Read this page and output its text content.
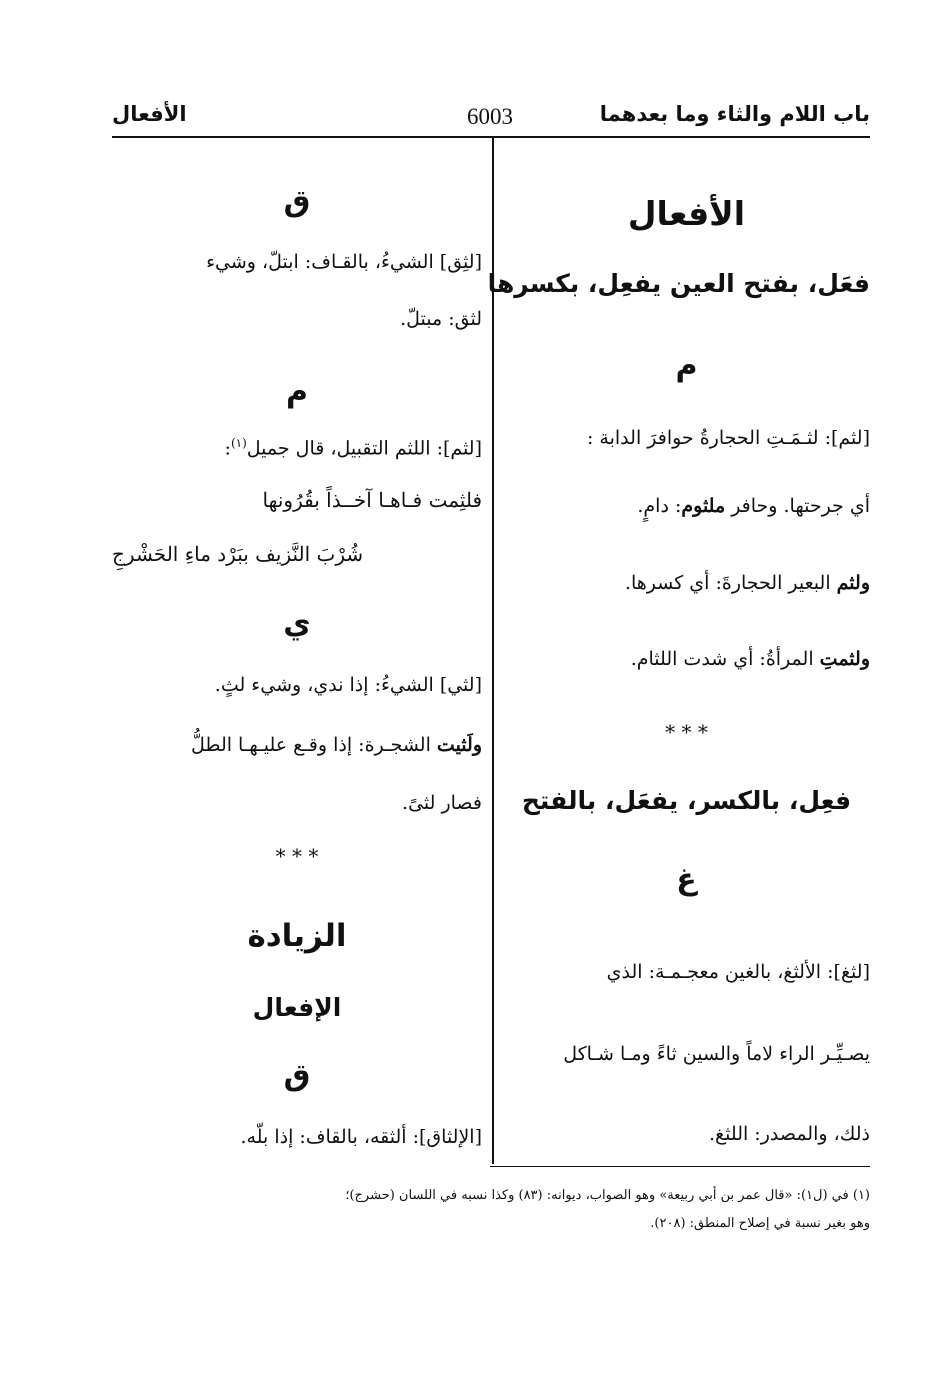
باب اللام والثاء وما بعدهما
6003
الأفعال
الأفعال
فعَل، بفتح العين يفعِل، بكسرها
م
[لثم]: لثـمَـتِ الحجارةُ حوافرَ الدابة :
أي جرحتها. وحافر ملثوم: دامٍ.
ولثم البعير الحجارةَ: أي كسرها.
ولثمتِ المرأةُ: أي شدت اللثام.
* * *
فعِل، بالكسر، يفعَل، بالفتح
غ
[لثغ]: الألثغ، بالغين معجـمـة: الذي
يصـيِّـر الراء لاماً والسين ثاءً ومـا شـاكل
ذلك، والمصدر: اللثغ.
ق
[لثِق] الشيءُ، بالقـاف: ابتلّ، وشيء
لثق: مبتلّ.
م
[لثم]: اللثم التقبيل، قال جميل$^{(١)}$:
فلثِمت فـاهـا آخــذاً بقُرُونها
شُرْبَ النَّزيف ببَرْد ماءِ الحَشْرجِ
ي
[لثي] الشيءُ: إذا ندي، وشيء لثٍ.
ولَثيت الشجـرة: إذا وقـع عليـهـا الطلُّ
فصار لثىً.
* * *
الزيادة
الإفعال
ق
[الإلثاق]: ألثقه، بالقاف: إذا بلّه.
(١) في (ل١): «قال عمر بن أبي ربيعة» وهو الصواب، ديوانه: (٨٣) وكذا نسبه في اللسان (حشرج)؛
وهو بغير نسبة في إصلاح المنطق: (٢٠٨).
